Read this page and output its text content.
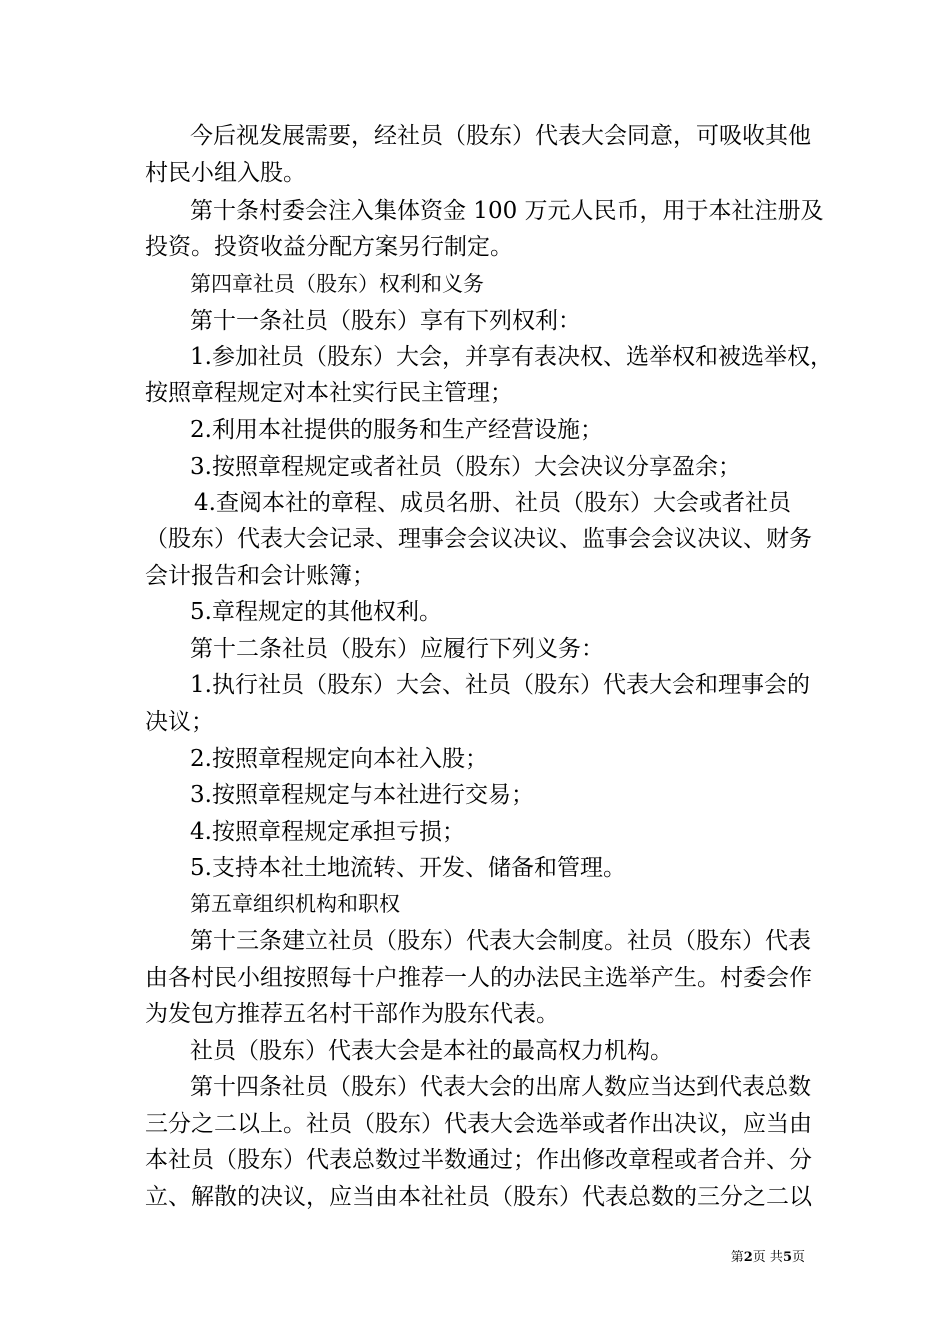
今后视发展需要，经社员（股东）代表大会同意，可吸收其他
村民小组入股。
第十条村委会注入集体资金 100 万元人民币，用于本社注册及
投资。投资收益分配方案另行制定。
第四章社员（股东）权利和义务
第十一条社员（股东）享有下列权利：
1.参加社员（股东）大会，并享有表决权、选举权和被选举权，
按照章程规定对本社实行民主管理；
2.利用本社提供的服务和生产经营设施；
3.按照章程规定或者社员（股东）大会决议分享盈余；
4.查阅本社的章程、成员名册、社员（股东）大会或者社员
（股东）代表大会记录、理事会会议决议、监事会会议决议、财务
会计报告和会计账簿；
5.章程规定的其他权利。
第十二条社员（股东）应履行下列义务：
1.执行社员（股东）大会、社员（股东）代表大会和理事会的
决议；
2.按照章程规定向本社入股；
3.按照章程规定与本社进行交易；
4.按照章程规定承担亏损；
5.支持本社土地流转、开发、储备和管理。
第五章组织机构和职权
第十三条建立社员（股东）代表大会制度。社员（股东）代表
由各村民小组按照每十户推荐一人的办法民主选举产生。村委会作
为发包方推荐五名村干部作为股东代表。
社员（股东）代表大会是本社的最高权力机构。
第十四条社员（股东）代表大会的出席人数应当达到代表总数
三分之二以上。社员（股东）代表大会选举或者作出决议，应当由
本社员（股东）代表总数过半数通过；作出修改章程或者合并、分
立、解散的决议，应当由本社社员（股东）代表总数的三分之二以
第2页 共5页
